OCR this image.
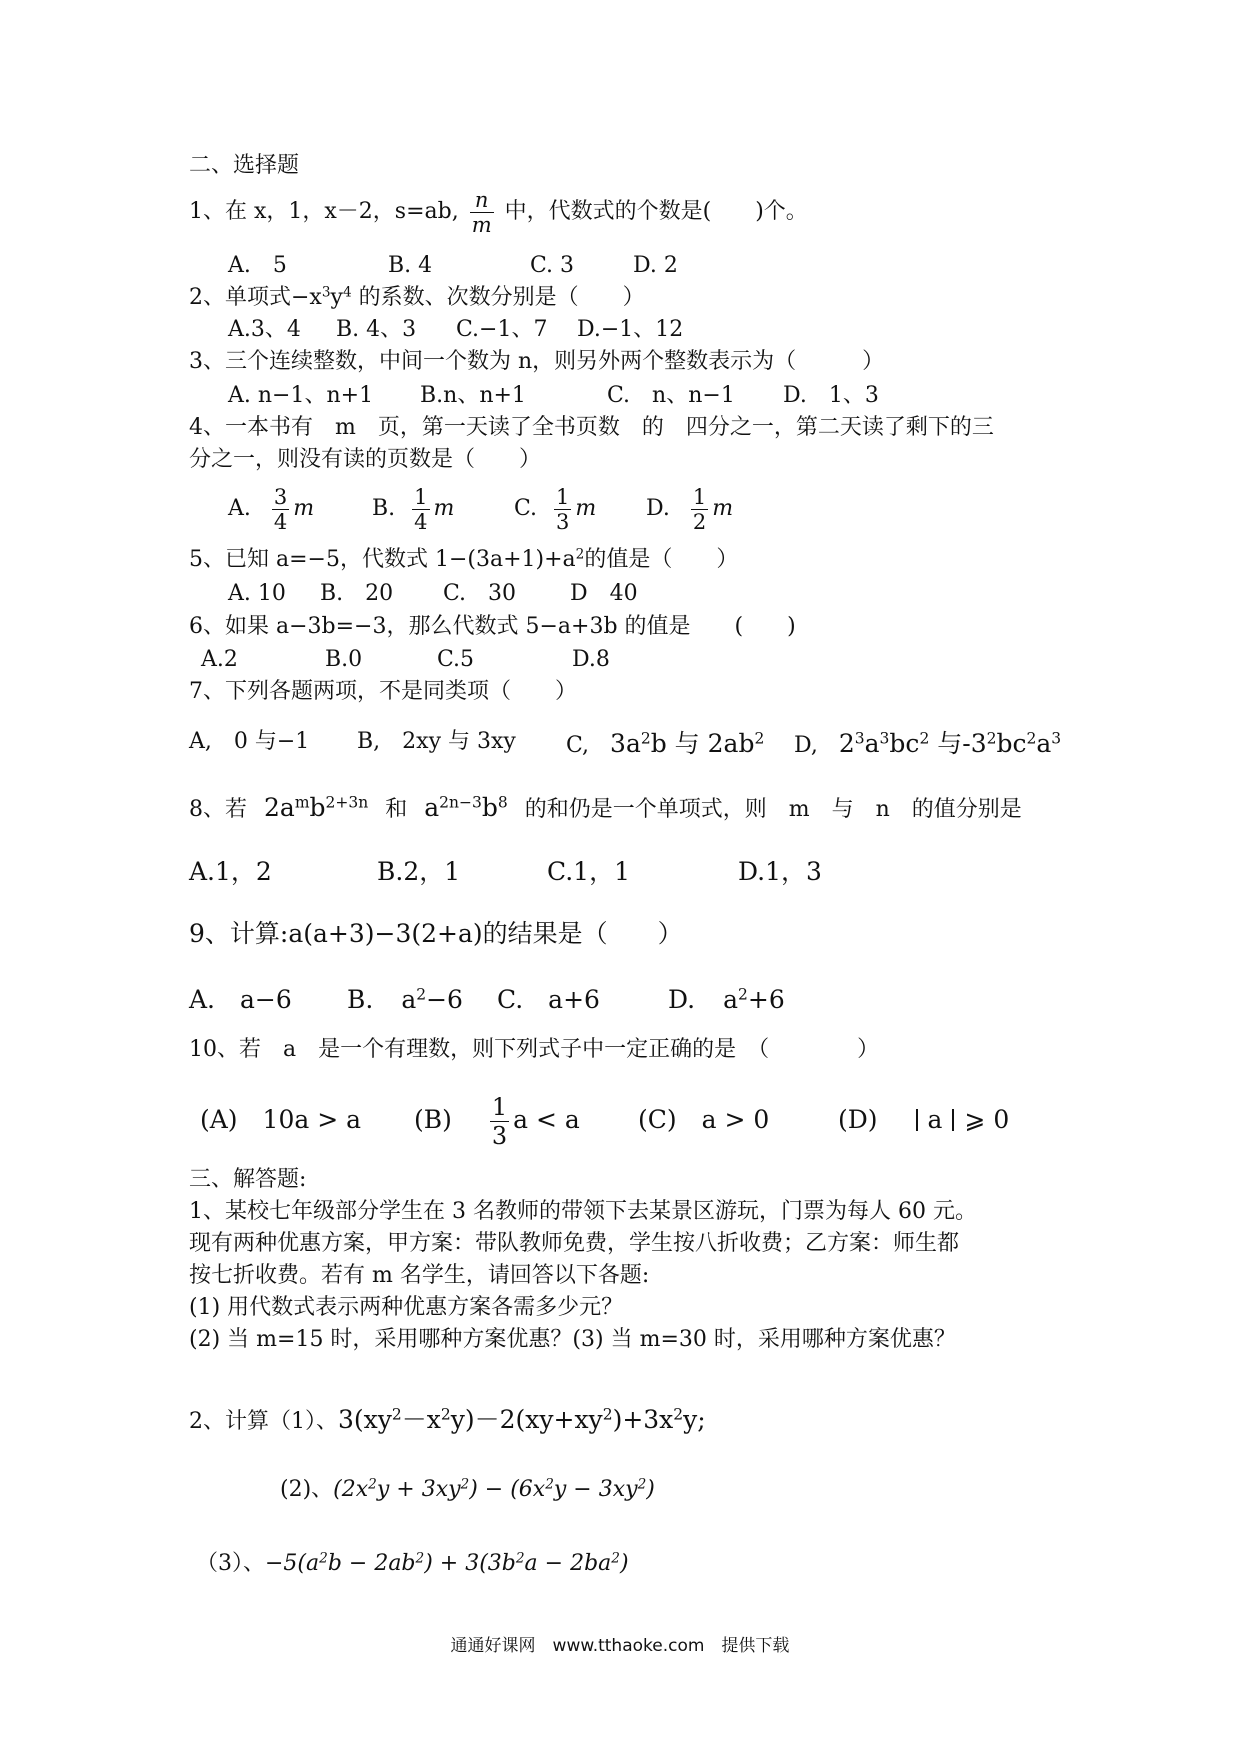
二、选择题
1、在 x，1，x－2，s=ab, $\frac{n}{m}$ 中，代数式的个数是(　　)个。
A.　5	B. 4	C. 3	D. 2
2、单项式$-x^3y^4$ 的系数、次数分别是（　　）
A.3、4 B. 4、3 C.−1、7 D.−1、12
3、三个连续整数，中间一个数为 n，则另外两个整数表示为（　　　）
A. n−1、n+1 B.n、n+1	C.　n、n−1 D.　1、3
4、一本书有　m　页，第一天读了全书页数　的　四分之一，第二天读了剩下的三
分之一，则没有读的页数是（　　）
A. $\frac{3}{4}$ m	B. $\frac{1}{4}$ m	C. $\frac{1}{3}$ m D. $\frac{1}{2}$ m
5、已知 a=−5，代数式 $1-(3a+1)+a^2$的值是（　　）
A. 10 B.　20 C.　30 D　40
6、如果 a−3b=−3，那么代数式 5−a+3b 的值是　　(　　)
A.2	B.0	C.5	D.8
7、下列各题两项，不是同类项（　　）
A,　0 与−1 B,　2xy 与 3xy C, $3a^2b$ 与 $2ab^2$ D, $2^3a^3bc^2$ 与$-3^2bc^2a^3$
8、若 $2a^mb^{2+3n}$ 和 $a^{2n-3}b^8$ 的和仍是一个单项式，则　m　与　n　的值分别是
A.1，2	B.2，1	C.1，1	D.1，3
9、计算:a(a+3)−3(2+a)的结果是（　　）
A.　a−6 B. $a^2-6$ C.　a+6	D. $a^2+6$
10、若　a　是一个有理数，则下列式子中一定正确的是　（　　　　）
(A)　10a > a $(B) \frac{1}{3}$ a < a (C)　a > 0	(D) a ⩾ 0
三、解答题:
1、某校七年级部分学生在 3 名教师的带领下去某景区游玩，门票为每人 60 元。
现有两种优惠方案，甲方案：带队教师免费，学生按八折收费；乙方案：师生都
按七折收费。若有 m 名学生，请回答以下各题:
(1) 用代数式表示两种优惠方案各需多少元？
(2) 当 m=15 时，采用哪种方案优惠？(3) 当 m=30 时，采用哪种方案优惠？
2、计算（1）、$3(xy^2-x^2y)-2(xy+xy^2)+3x^2y$;
(2)、$(2x^2y + 3xy^2) - (6x^2y - 3xy^2)$
（3）、$-5(a^2b - 2ab^2) + 3(3b^2a - 2ba^2)$
通通好课网　www.tthaoke.com　提供下载
